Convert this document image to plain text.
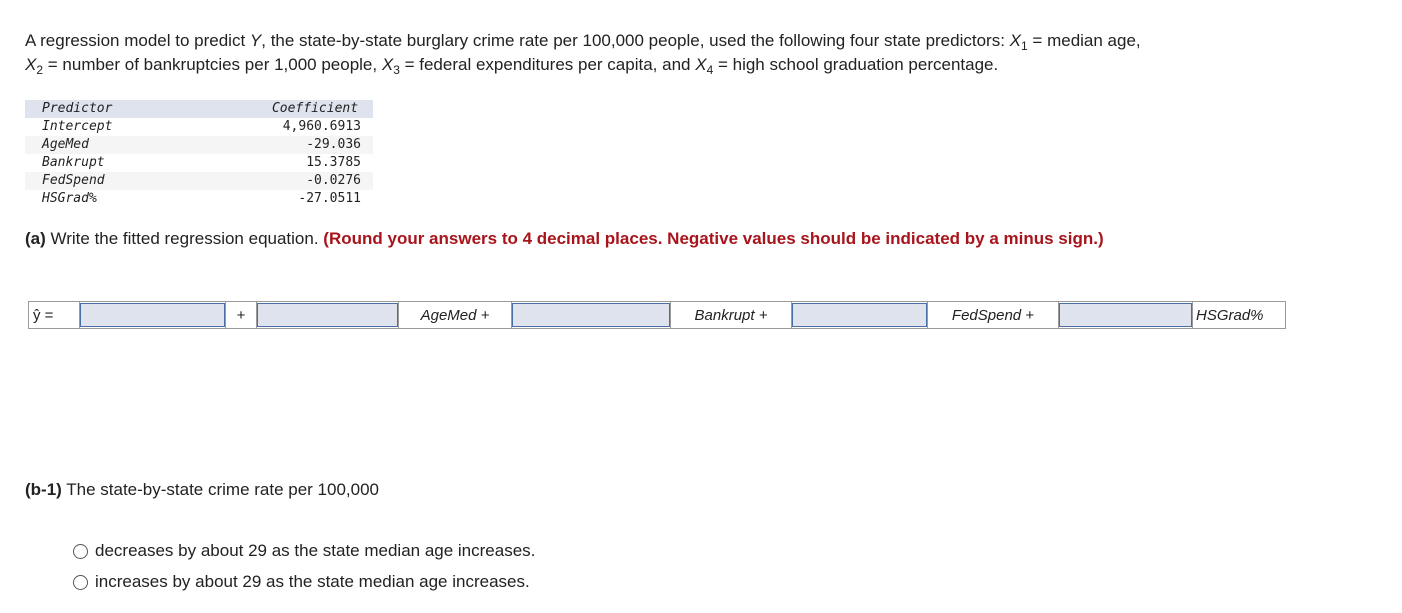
A regression model to predict Y, the state-by-state burglary crime rate per 100,000 people, used the following four state predictors: $X_1$ = median age, $X_2$ = number of bankruptcies per 1,000 people, $X_3$ = federal expenditures per capita, and $X_4$ = high school graduation percentage.

Predictor	Coefficient
Intercept	4,960.6913
AgeMed	-29.036
Bankrupt	15.3785
FedSpend	-0.0276
HSGrad%	-27.0511

(a) Write the fitted regression equation. (Round your answers to 4 decimal places. Negative values should be indicated by a minus sign.)

ŷ =	+	AgeMed +	Bankrupt +	FedSpend +	HSGrad%

(b-1) The state-by-state crime rate per 100,000

decreases by about 29 as the state median age increases.
increases by about 29 as the state median age increases.
